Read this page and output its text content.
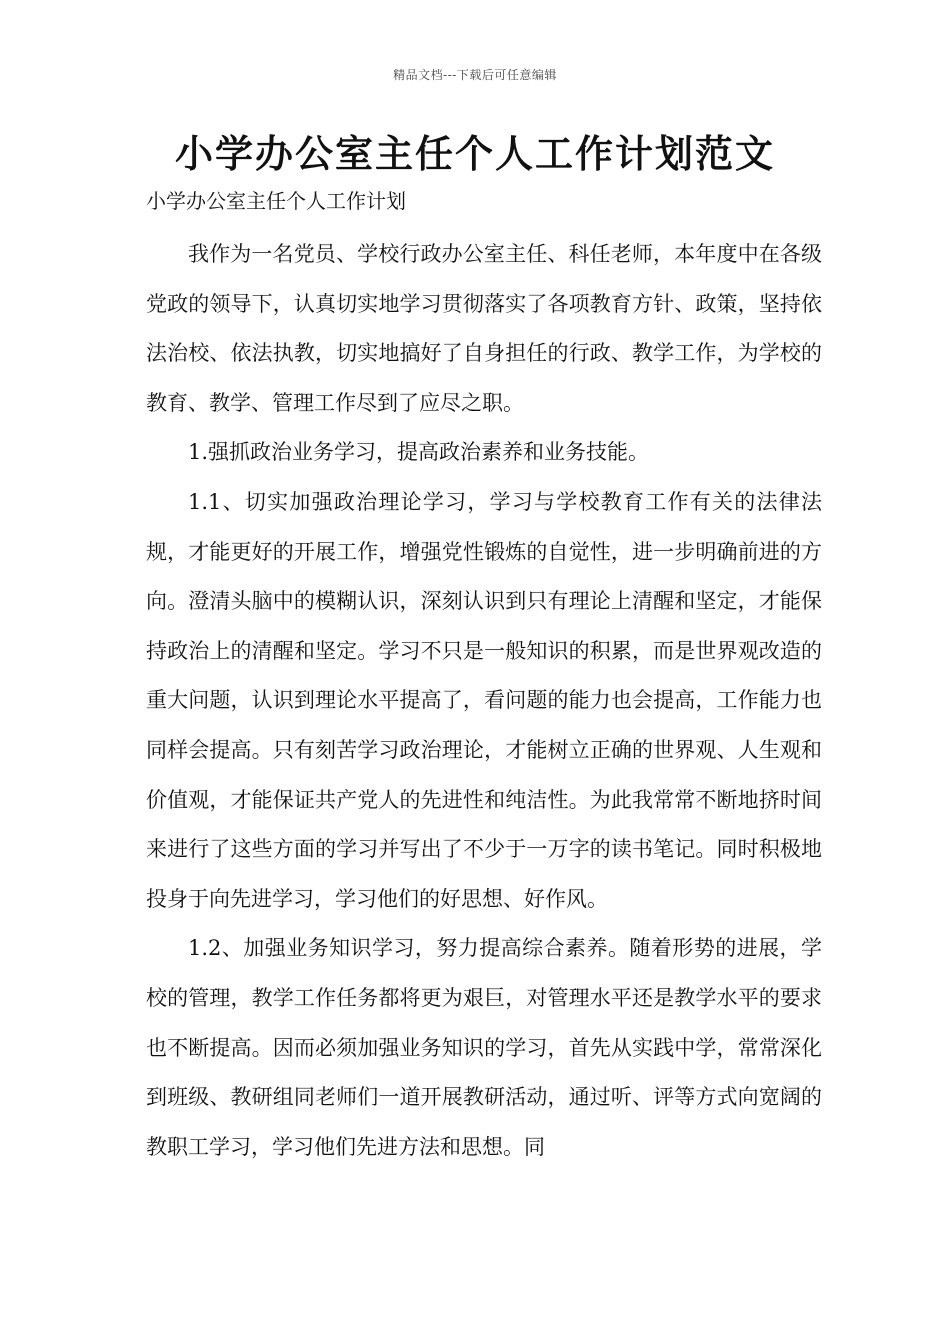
精品文档---下载后可任意编辑
小学办公室主任个人工作计划范文
小学办公室主任个人工作计划

我作为一名党员、学校行政办公室主任、科任老师，本年度中在各级党政的领导下，认真切实地学习贯彻落实了各项教育方针、政策，坚持依法治校、依法执教，切实地搞好了自身担任的行政、教学工作，为学校的教育、教学、管理工作尽到了应尽之职。

1.强抓政治业务学习，提高政治素养和业务技能。

1.1、切实加强政治理论学习，学习与学校教育工作有关的法律法规，才能更好的开展工作，增强党性锻炼的自觉性，进一步明确前进的方向。澄清头脑中的模糊认识，深刻认识到只有理论上清醒和坚定，才能保持政治上的清醒和坚定。学习不只是一般知识的积累，而是世界观改造的重大问题，认识到理论水平提高了，看问题的能力也会提高，工作能力也同样会提高。只有刻苦学习政治理论，才能树立正确的世界观、人生观和价值观，才能保证共产党人的先进性和纯洁性。为此我常常不断地挤时间来进行了这些方面的学习并写出了不少于一万字的读书笔记。同时积极地投身于向先进学习，学习他们的好思想、好作风。

1.2、加强业务知识学习，努力提高综合素养。随着形势的进展，学校的管理，教学工作任务都将更为艰巨，对管理水平还是教学水平的要求也不断提高。因而必须加强业务知识的学习，首先从实践中学，常常深化到班级、教研组同老师们一道开展教研活动，通过听、评等方式向宽阔的教职工学习，学习他们先进方法和思想。同
